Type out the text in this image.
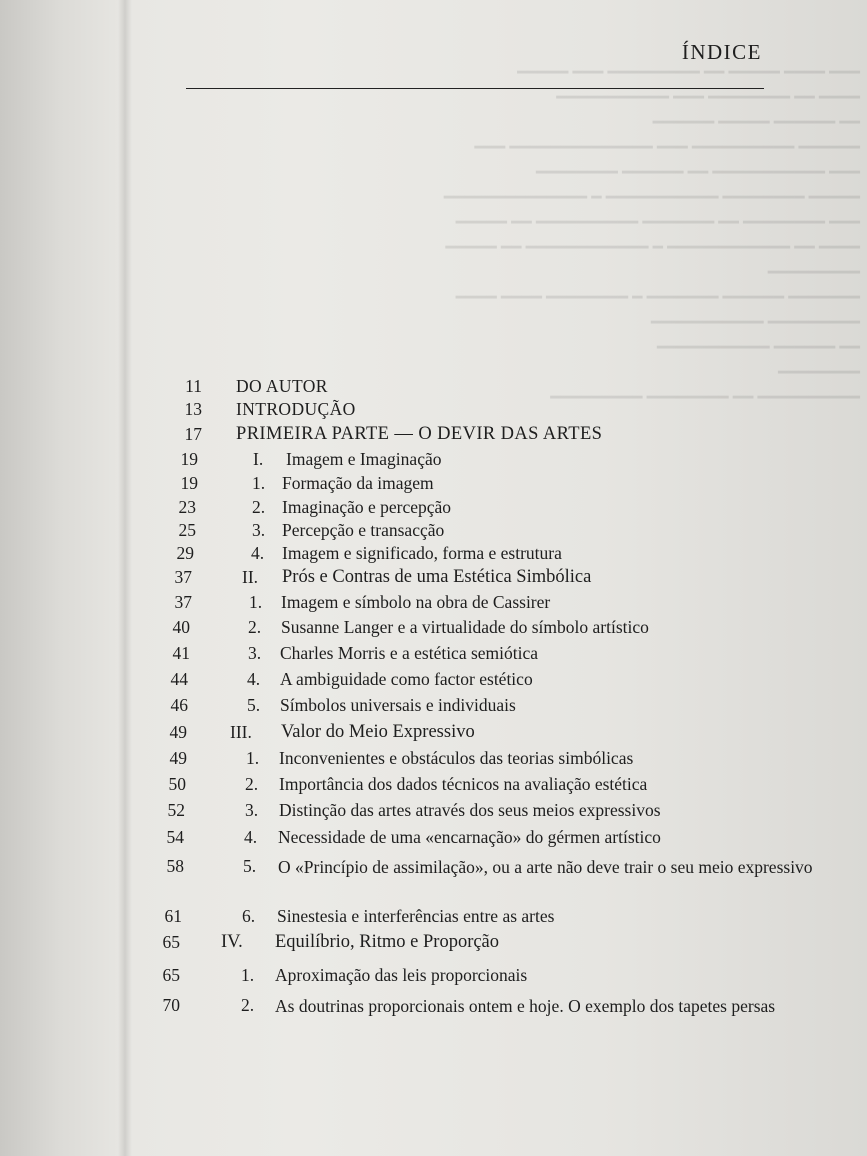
━━━ ━━━━ ━━━━━ ━━ ━━━━━━━━━ ━━━ ━━━━━
━━━━ ━━ ━━━━━━━━ ━━━ ━━━━━━━━━━━
━━ ━━━━━━ ━━━━━ ━━━━━━
━━━━━━ ━━━━━━━━━━ ━━━ ━━━━━━━━━━━━━━ ━━━
━━━ ━━━━━━━━━━━ ━━ ━━━━━━ ━━━━━━━━
━━━━━ ━━━━━━━━ ━━━━━━━━━━━ ━ ━━━━━━━━━━━━━━
━━━ ━━━━━━━━ ━━ ━━━━━━━ ━━━━━━━━━━ ━━ ━━━━━
━━━━ ━━ ━━━━━━━━━━━━ ━ ━━━━━━━━━━━━ ━━ ━━━━━
━━━━━━━━━
━━━━━━━ ━━━━━━ ━━━━━━━ ━ ━━━━━━━━ ━━━━ ━━━━
━━━━━━━━━ ━━━━━━━━━━━
━━ ━━━━━━ ━━━━━━━━━━━
━━━━━━━━
━━━━━━━━━━ ━━ ━━━━━━━━ ━━━━━━━━━
ÍNDICE
11 DO AUTOR
13 INTRODUÇÃO
17 PRIMEIRA PARTE — O DEVIR DAS ARTES
19	I. Imagem e Imaginação
19	1. Formação da imagem
23	2. Imaginação e percepção
25	3. Percepção e transacção
29	4. Imagem e significado, forma e estrutura
37	II. Prós e Contras de uma Estética Simbólica
37	1. Imagem e símbolo na obra de Cassirer
40	2. Susanne Langer e a virtualidade do símbolo artístico
41	3. Charles Morris e a estética semiótica
44	4. A ambiguidade como factor estético
46	5. Símbolos universais e individuais
49 III. Valor do Meio Expressivo
49	1. Inconvenientes e obstáculos das teorias simbólicas
50	2. Importância dos dados técnicos na avaliação estética
52	3. Distinção das artes através dos seus meios expressivos
54	4. Necessidade de uma «encarnação» do gérmen artístico
58	5. O «Princípio de assimilação», ou a arte não deve trair o seu meio expressivo
61	6. Sinestesia e interferências entre as artes
65 IV. Equilíbrio, Ritmo e Proporção
65	1. Aproximação das leis proporcionais
70	2. As doutrinas proporcionais ontem e hoje. O exemplo dos tapetes persas
